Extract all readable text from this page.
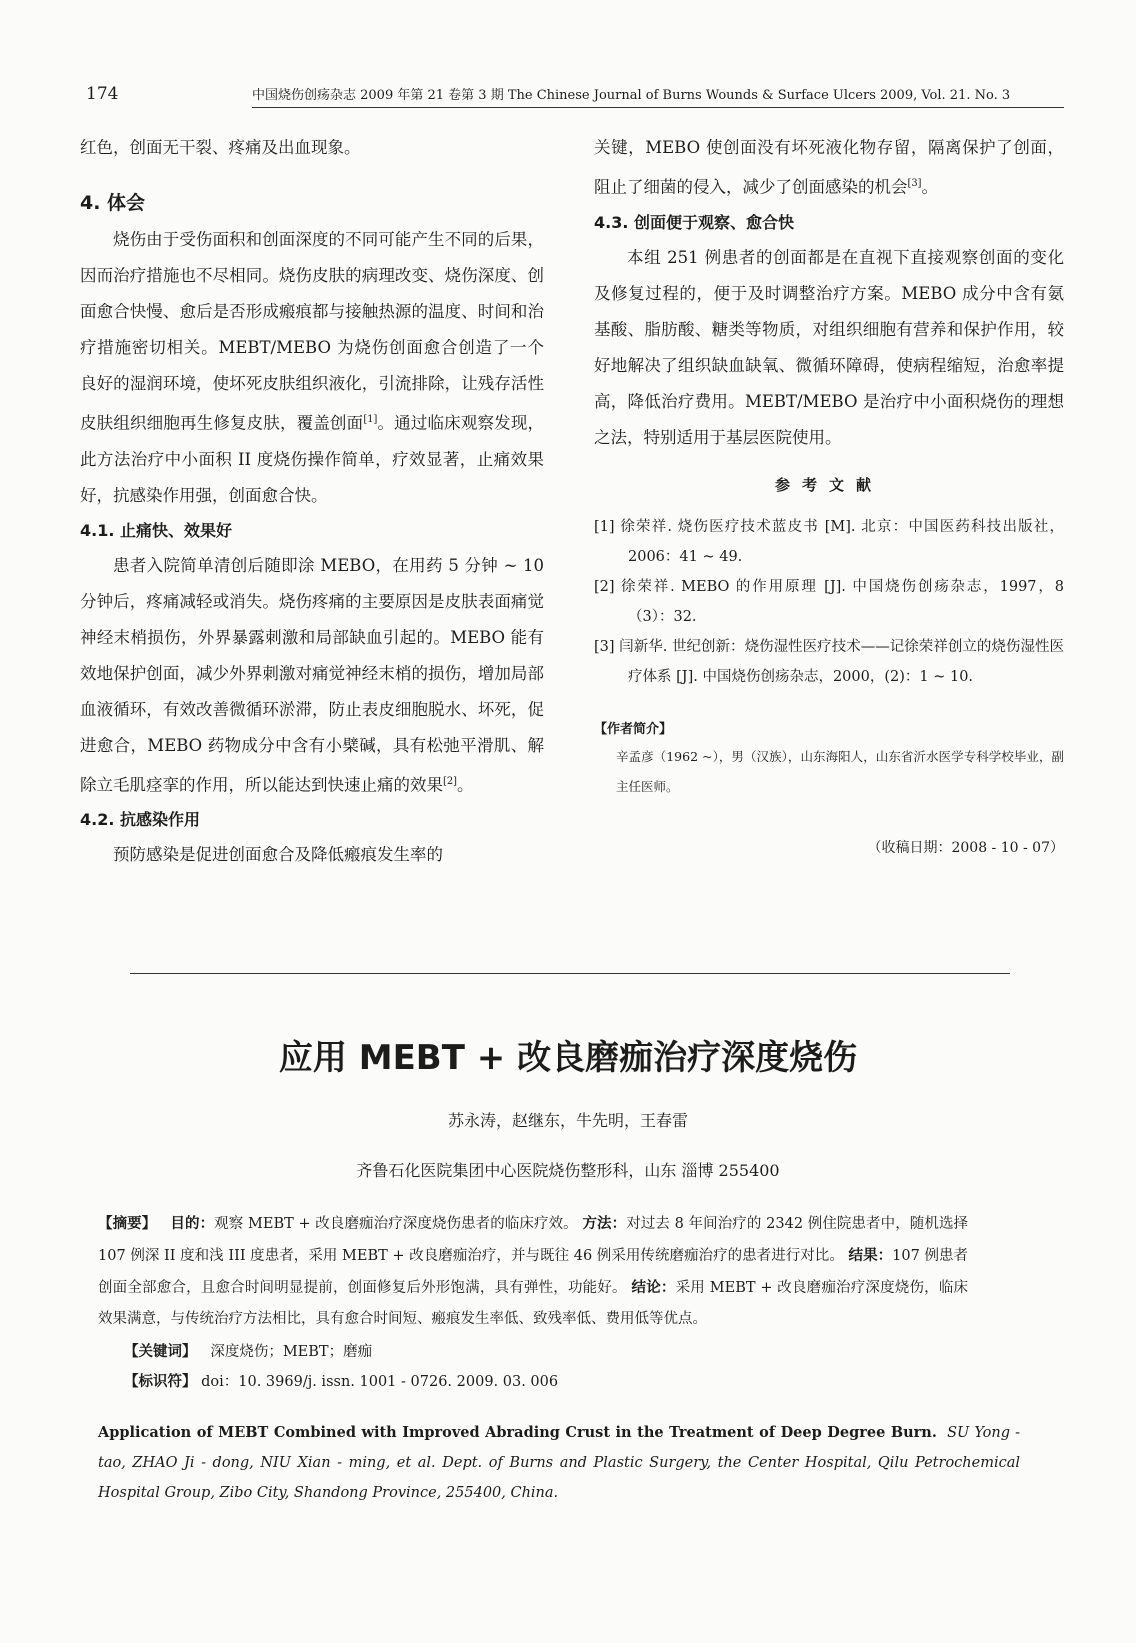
174	中国烧伤创疡杂志 2009 年第 21 卷第 3 期 The Chinese Journal of Burns Wounds & Surface Ulcers 2009, Vol. 21. No. 3

红色，创面无干裂、疼痛及出血现象。

4. 体会

烧伤由于受伤面积和创面深度的不同可能产生不同的后果，因而治疗措施也不尽相同。烧伤皮肤的病理改变、烧伤深度、创面愈合快慢、愈后是否形成瘢痕都与接触热源的温度、时间和治疗措施密切相关。MEBT/MEBO 为烧伤创面愈合创造了一个良好的湿润环境，使坏死皮肤组织液化，引流排除，让残存活性皮肤组织细胞再生修复皮肤，覆盖创面[1]。通过临床观察发现，此方法治疗中小面积 II 度烧伤操作简单，疗效显著，止痛效果好，抗感染作用强，创面愈合快。

4.1. 止痛快、效果好

患者入院简单清创后随即涂 MEBO，在用药 5 分钟 ~ 10 分钟后，疼痛减轻或消失。烧伤疼痛的主要原因是皮肤表面痛觉神经末梢损伤，外界暴露刺激和局部缺血引起的。MEBO 能有效地保护创面，减少外界刺激对痛觉神经末梢的损伤，增加局部血液循环，有效改善微循环淤滞，防止表皮细胞脱水、坏死，促进愈合，MEBO 药物成分中含有小檗碱，具有松弛平滑肌、解除立毛肌痉挛的作用，所以能达到快速止痛的效果[2]。

4.2. 抗感染作用

预防感染是促进创面愈合及降低瘢痕发生率的

关键，MEBO 使创面没有坏死液化物存留，隔离保护了创面，阻止了细菌的侵入，减少了创面感染的机会[3]。

4.3. 创面便于观察、愈合快

本组 251 例患者的创面都是在直视下直接观察创面的变化及修复过程的，便于及时调整治疗方案。MEBO 成分中含有氨基酸、脂肪酸、糖类等物质，对组织细胞有营养和保护作用，较好地解决了组织缺血缺氧、微循环障碍，使病程缩短，治愈率提高，降低治疗费用。MEBT/MEBO 是治疗中小面积烧伤的理想之法，特别适用于基层医院使用。

参考文献

[1] 徐荣祥. 烧伤医疗技术蓝皮书 [M]. 北京：中国医药科技出版社，2006：41 ~ 49.

[2] 徐荣祥. MEBO 的作用原理 [J]. 中国烧伤创疡杂志，1997，8（3）：32.

[3] 闫新华. 世纪创新：烧伤湿性医疗技术——记徐荣祥创立的烧伤湿性医疗体系 [J]. 中国烧伤创疡杂志，2000，(2)：1 ~ 10.

【作者简介】
辛孟彦（1962 ~），男（汉族），山东海阳人，山东省沂水医学专科学校毕业，副主任医师。
（收稿日期：2008 - 10 - 07）
应用 MEBT + 改良磨痂治疗深度烧伤
苏永涛，赵继东，牛先明，王春雷
齐鲁石化医院集团中心医院烧伤整形科，山东 淄博 255400
【摘要】 目的：观察 MEBT + 改良磨痂治疗深度烧伤患者的临床疗效。 方法：对过去 8 年间治疗的 2342 例住院患者中，随机选择 107 例深 II 度和浅 III 度患者，采用 MEBT + 改良磨痂治疗，并与既往 46 例采用传统磨痂治疗的患者进行对比。 结果：107 例患者创面全部愈合，且愈合时间明显提前，创面修复后外形饱满，具有弹性，功能好。 结论：采用 MEBT + 改良磨痂治疗深度烧伤，临床效果满意，与传统治疗方法相比，具有愈合时间短、瘢痕发生率低、致残率低、费用低等优点。
【关键词】 深度烧伤；MEBT；磨痂
【标识符】 doi：10. 3969/j. issn. 1001 - 0726. 2009. 03. 006
Application of MEBT Combined with Improved Abrading Crust in the Treatment of Deep Degree Burn. SU Yong - tao, ZHAO Ji - dong, NIU Xian - ming, et al. Dept. of Burns and Plastic Surgery, the Center Hospital, Qilu Petrochemical Hospital Group, Zibo City, Shandong Province, 255400, China.
